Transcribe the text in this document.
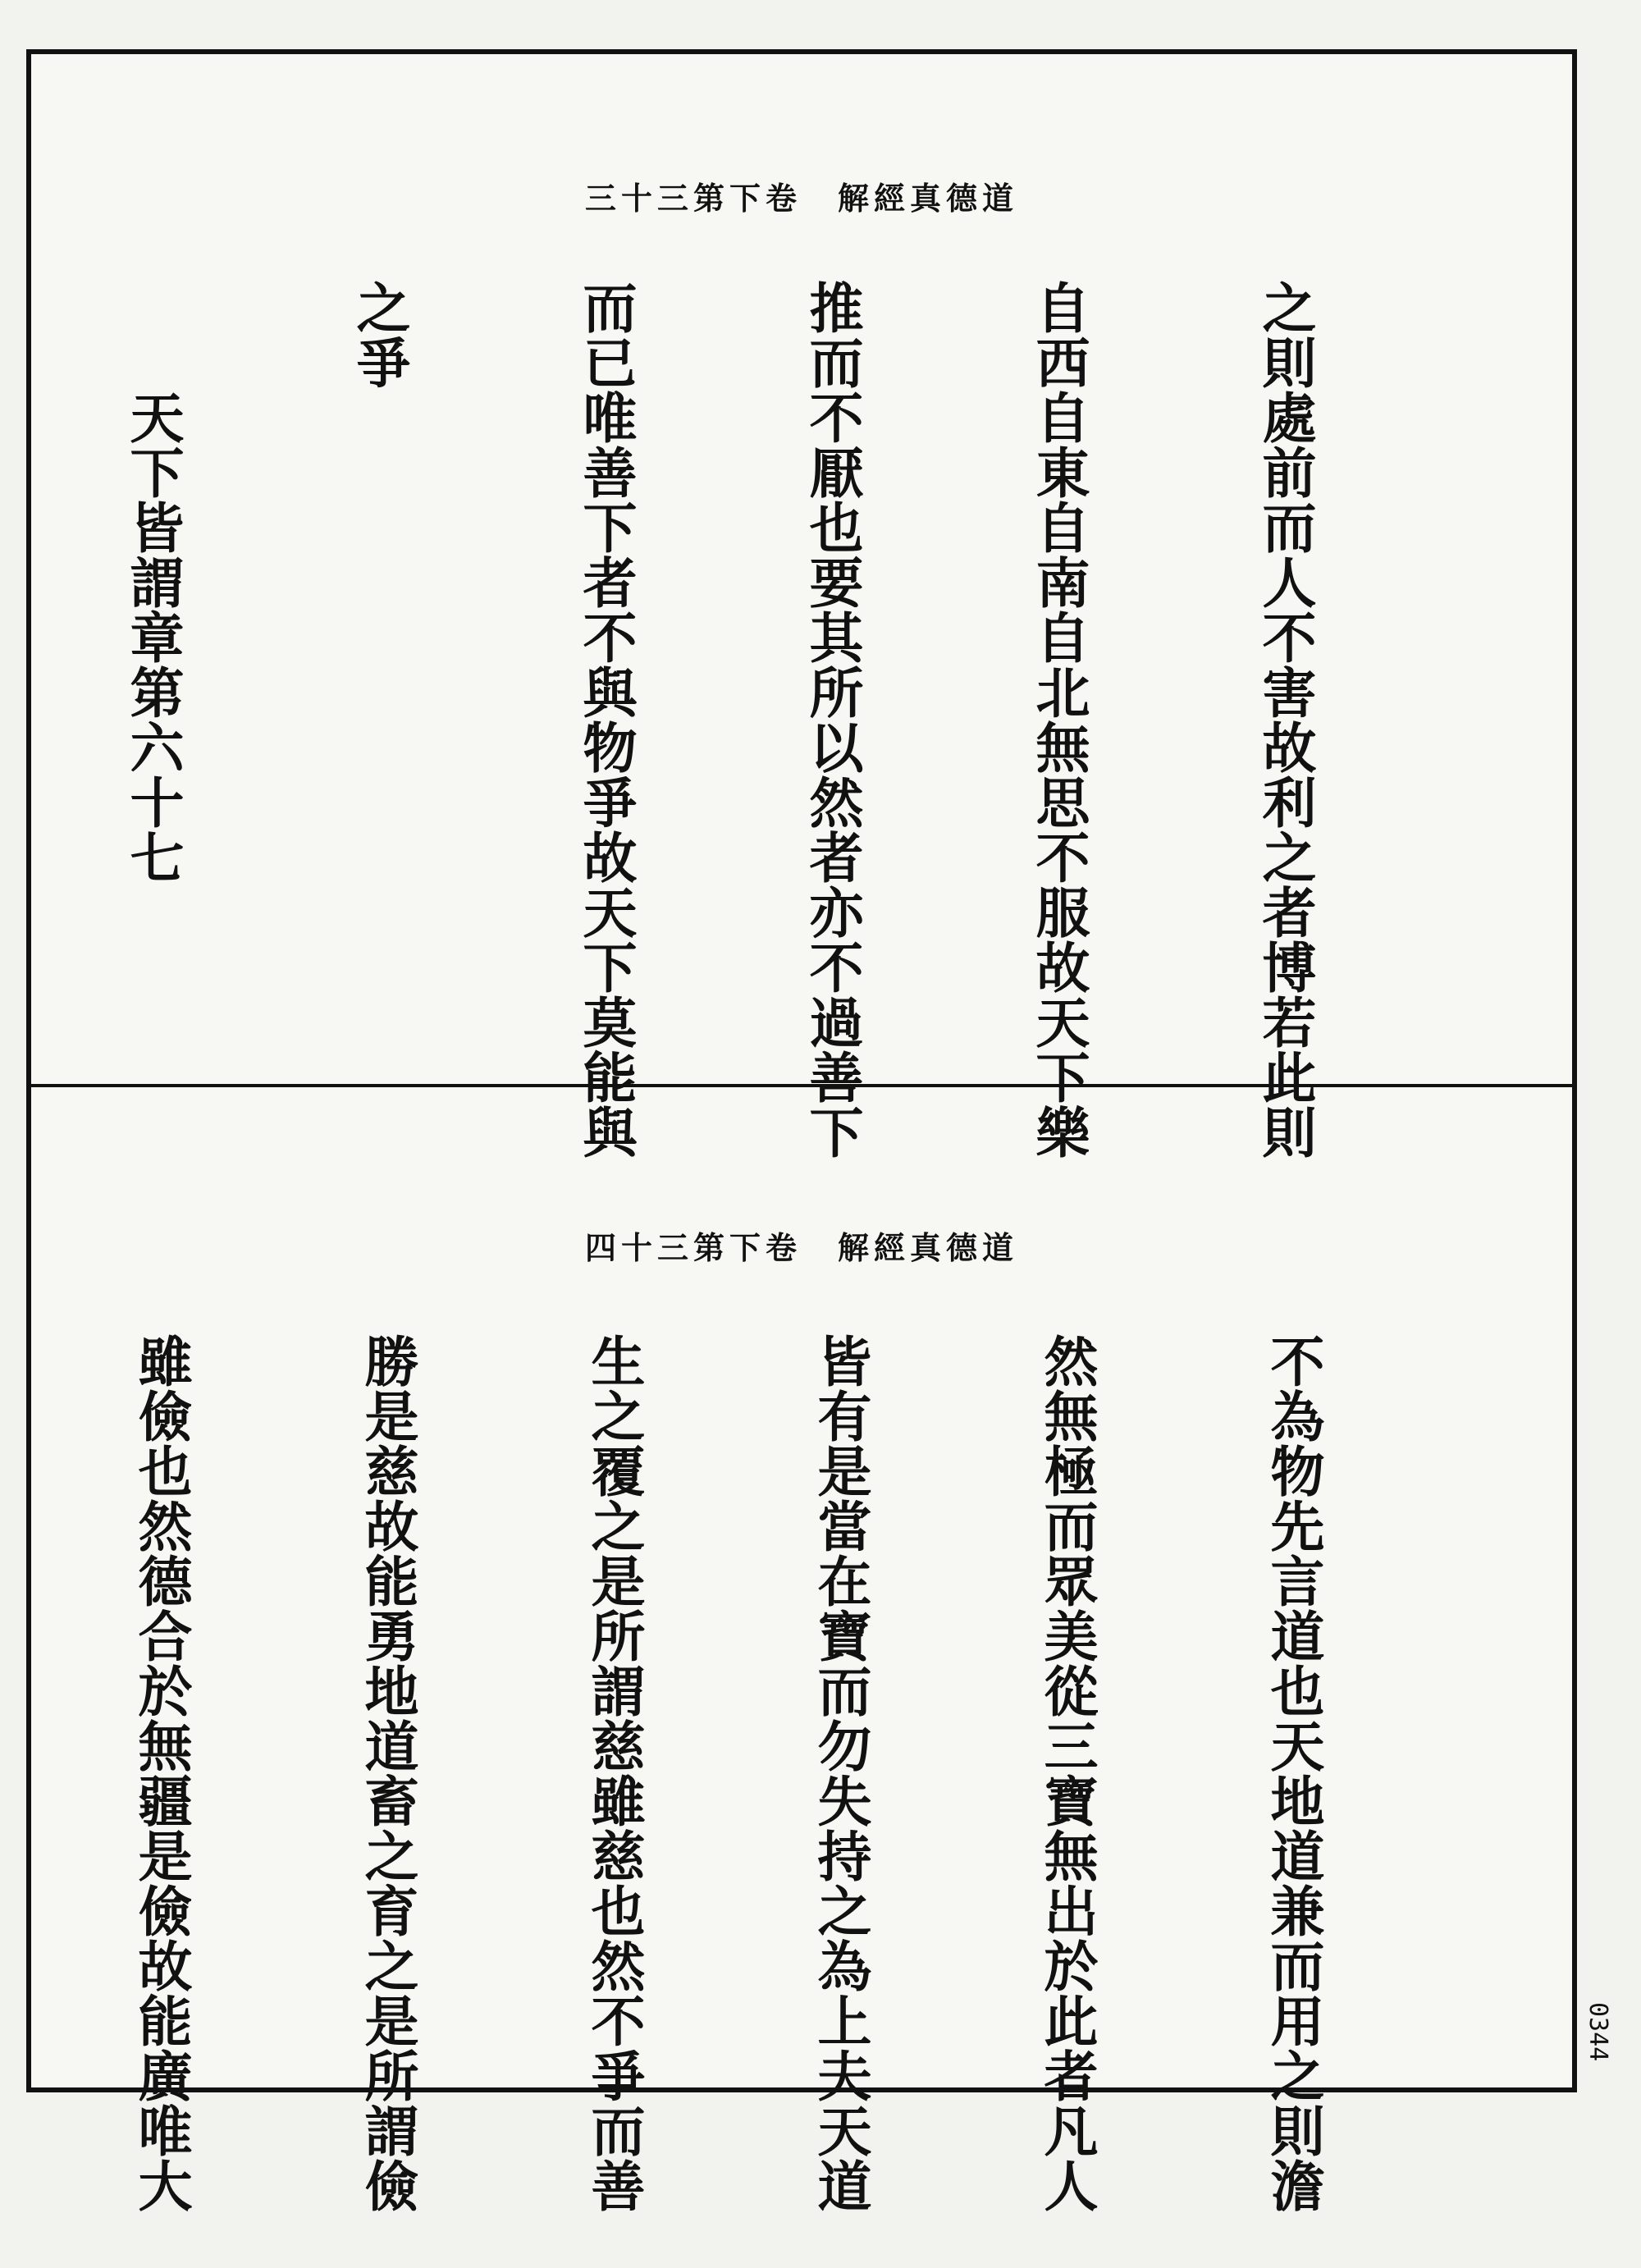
三十三第下卷　解經真德道

之則處前而人不害故利之者博若此則

自西自東自南自北無思不服故天下樂

推而不厭也要其所以然者亦不過善下

而已唯善下者不與物爭故天下莫能與

之爭

　　天下皆謂章第六十七

四十三第下卷　解經真德道

不為物先言道也天地道兼而用之則澹

然無極而眾美從三寶無出於此者凡人

皆有是當在寶而勿失持之為上夫天道

生之覆之是所謂慈雖慈也然不爭而善

勝是慈故能勇地道畜之育之是所謂儉

雖儉也然德合於無疆是儉故能廣唯大

	0344
